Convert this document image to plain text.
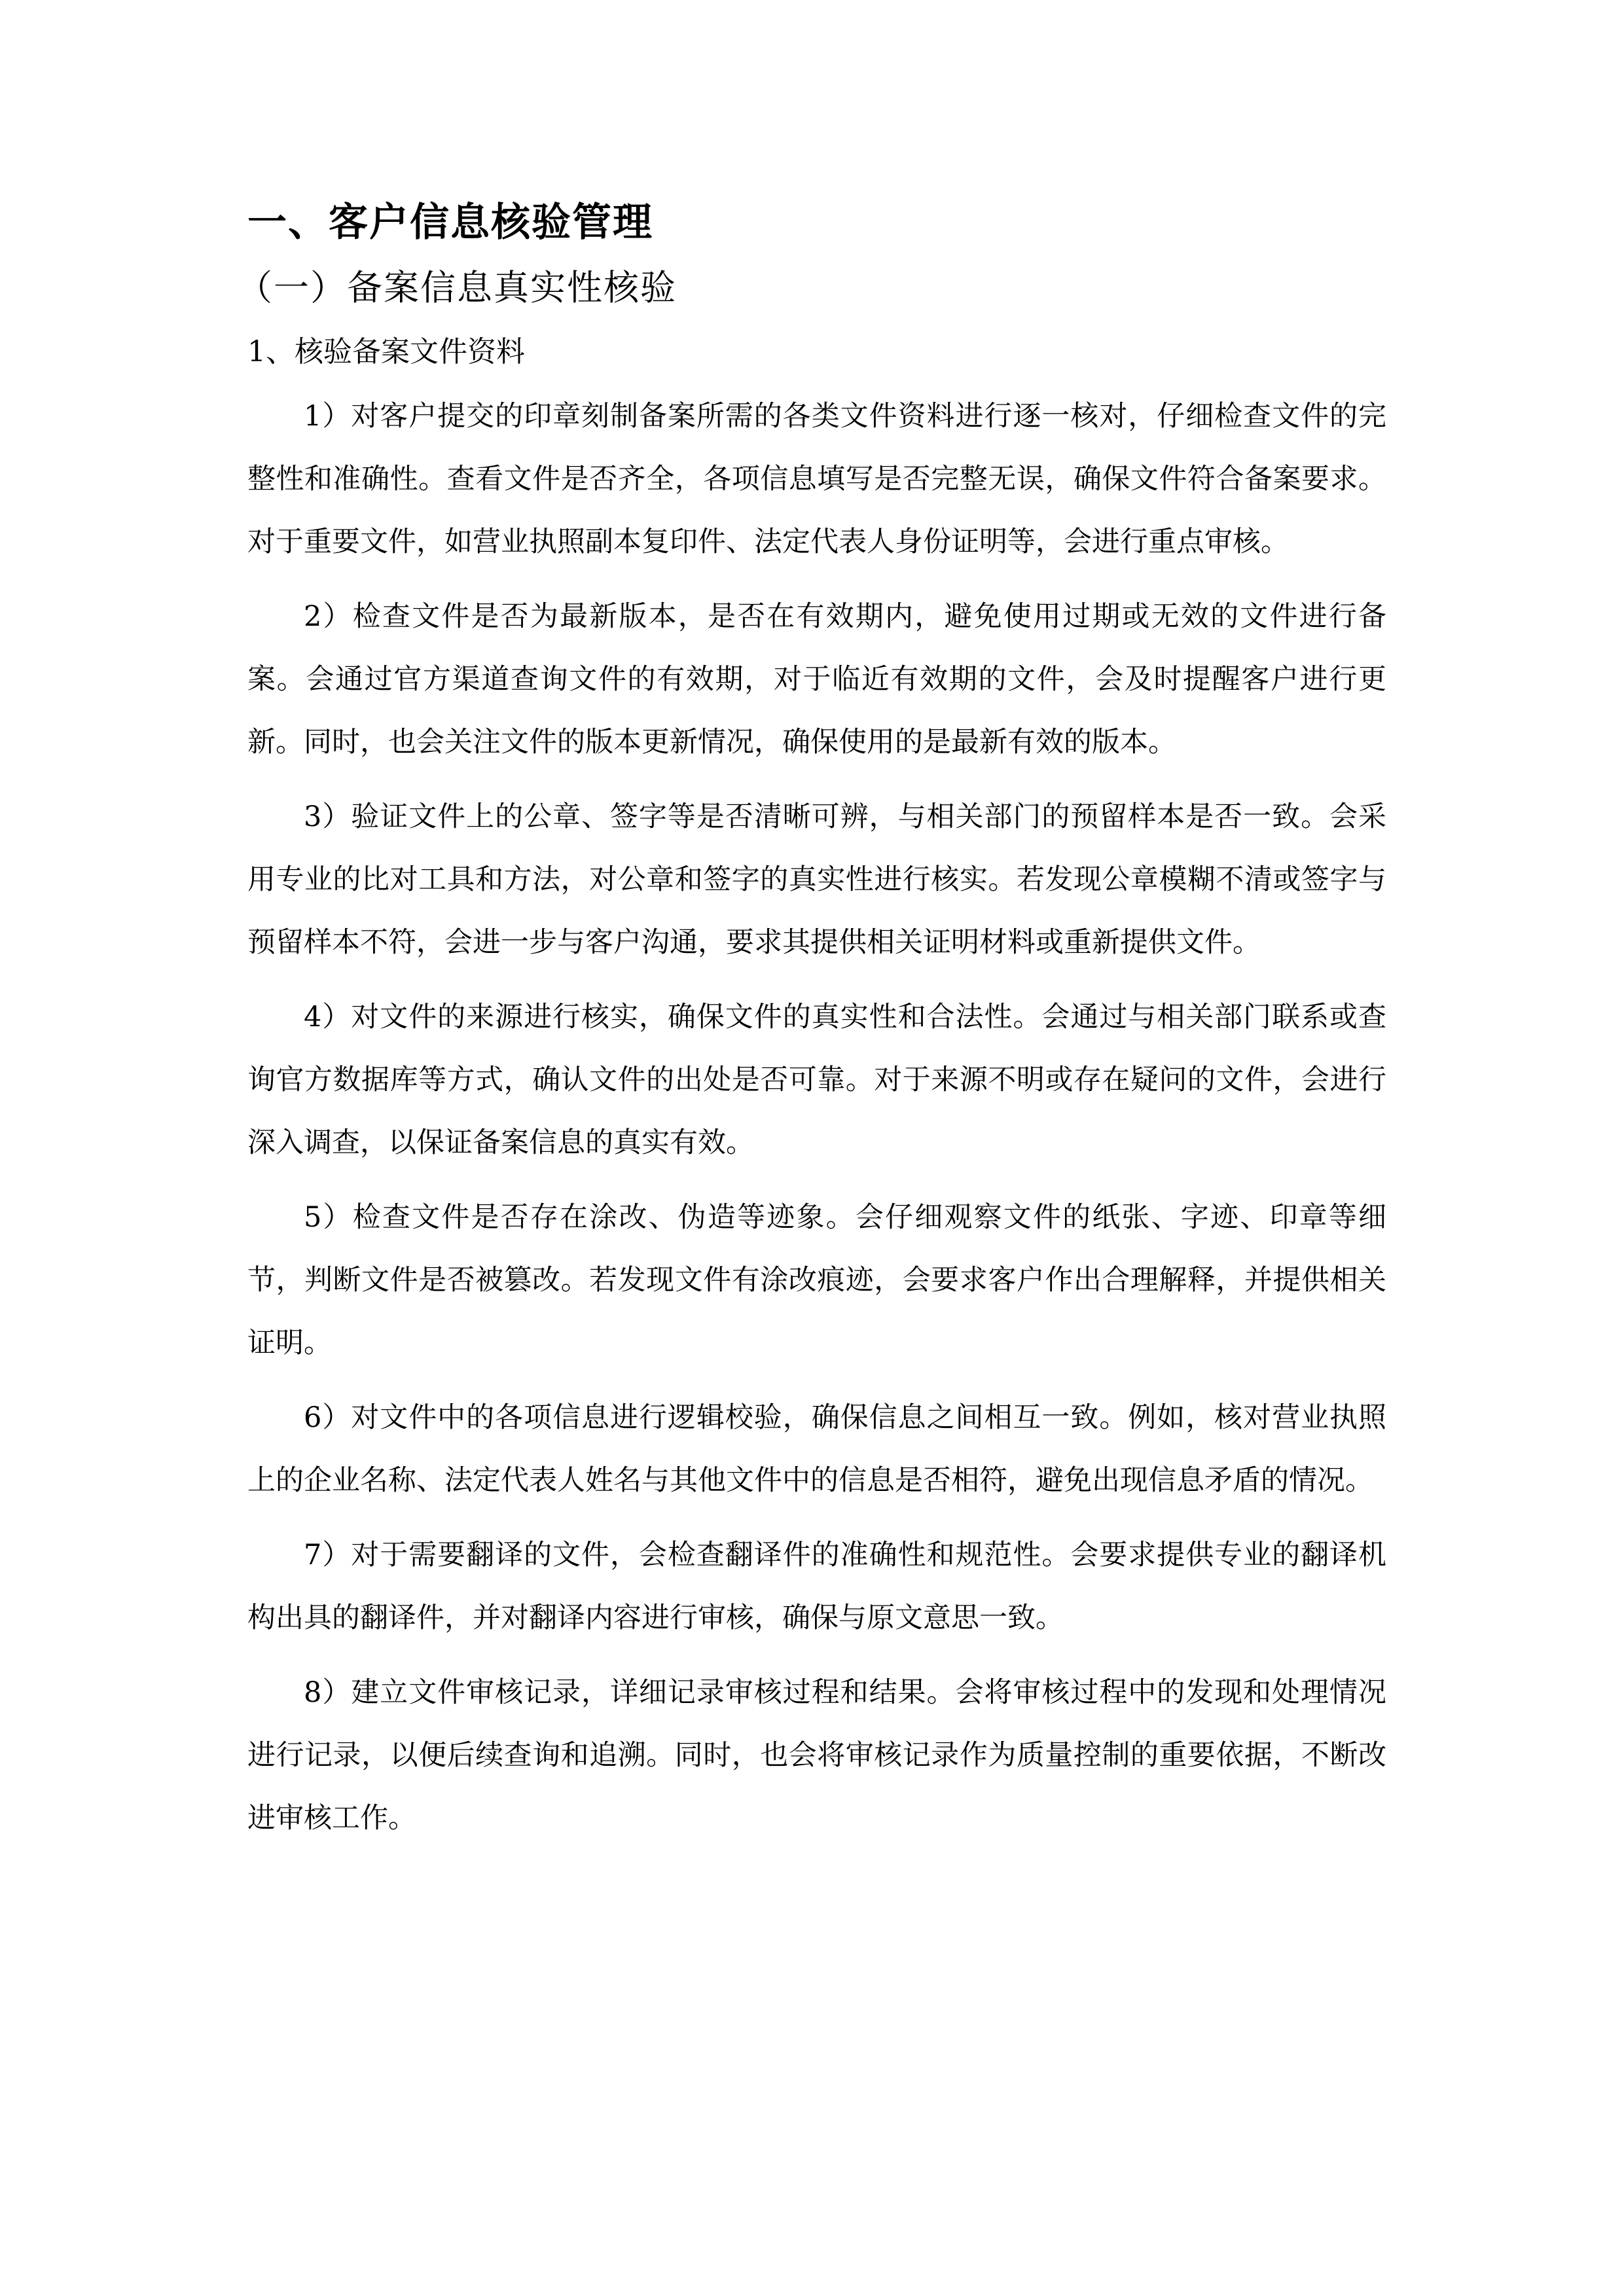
一、客户信息核验管理
（一）备案信息真实性核验
1、核验备案文件资料

1）对客户提交的印章刻制备案所需的各类文件资料进行逐一核对，仔细检查文件的完整性和准确性。查看文件是否齐全，各项信息填写是否完整无误，确保文件符合备案要求。对于重要文件，如营业执照副本复印件、法定代表人身份证明等，会进行重点审核。

2）检查文件是否为最新版本，是否在有效期内，避免使用过期或无效的文件进行备案。会通过官方渠道查询文件的有效期，对于临近有效期的文件，会及时提醒客户进行更新。同时，也会关注文件的版本更新情况，确保使用的是最新有效的版本。

3）验证文件上的公章、签字等是否清晰可辨，与相关部门的预留样本是否一致。会采用专业的比对工具和方法，对公章和签字的真实性进行核实。若发现公章模糊不清或签字与预留样本不符，会进一步与客户沟通，要求其提供相关证明材料或重新提供文件。

4）对文件的来源进行核实，确保文件的真实性和合法性。会通过与相关部门联系或查询官方数据库等方式，确认文件的出处是否可靠。对于来源不明或存在疑问的文件，会进行深入调查，以保证备案信息的真实有效。

5）检查文件是否存在涂改、伪造等迹象。会仔细观察文件的纸张、字迹、印章等细节，判断文件是否被篡改。若发现文件有涂改痕迹，会要求客户作出合理解释，并提供相关证明。

6）对文件中的各项信息进行逻辑校验，确保信息之间相互一致。例如，核对营业执照上的企业名称、法定代表人姓名与其他文件中的信息是否相符，避免出现信息矛盾的情况。

7）对于需要翻译的文件，会检查翻译件的准确性和规范性。会要求提供专业的翻译机构出具的翻译件，并对翻译内容进行审核，确保与原文意思一致。

8）建立文件审核记录，详细记录审核过程和结果。会将审核过程中的发现和处理情况进行记录，以便后续查询和追溯。同时，也会将审核记录作为质量控制的重要依据，不断改进审核工作。
